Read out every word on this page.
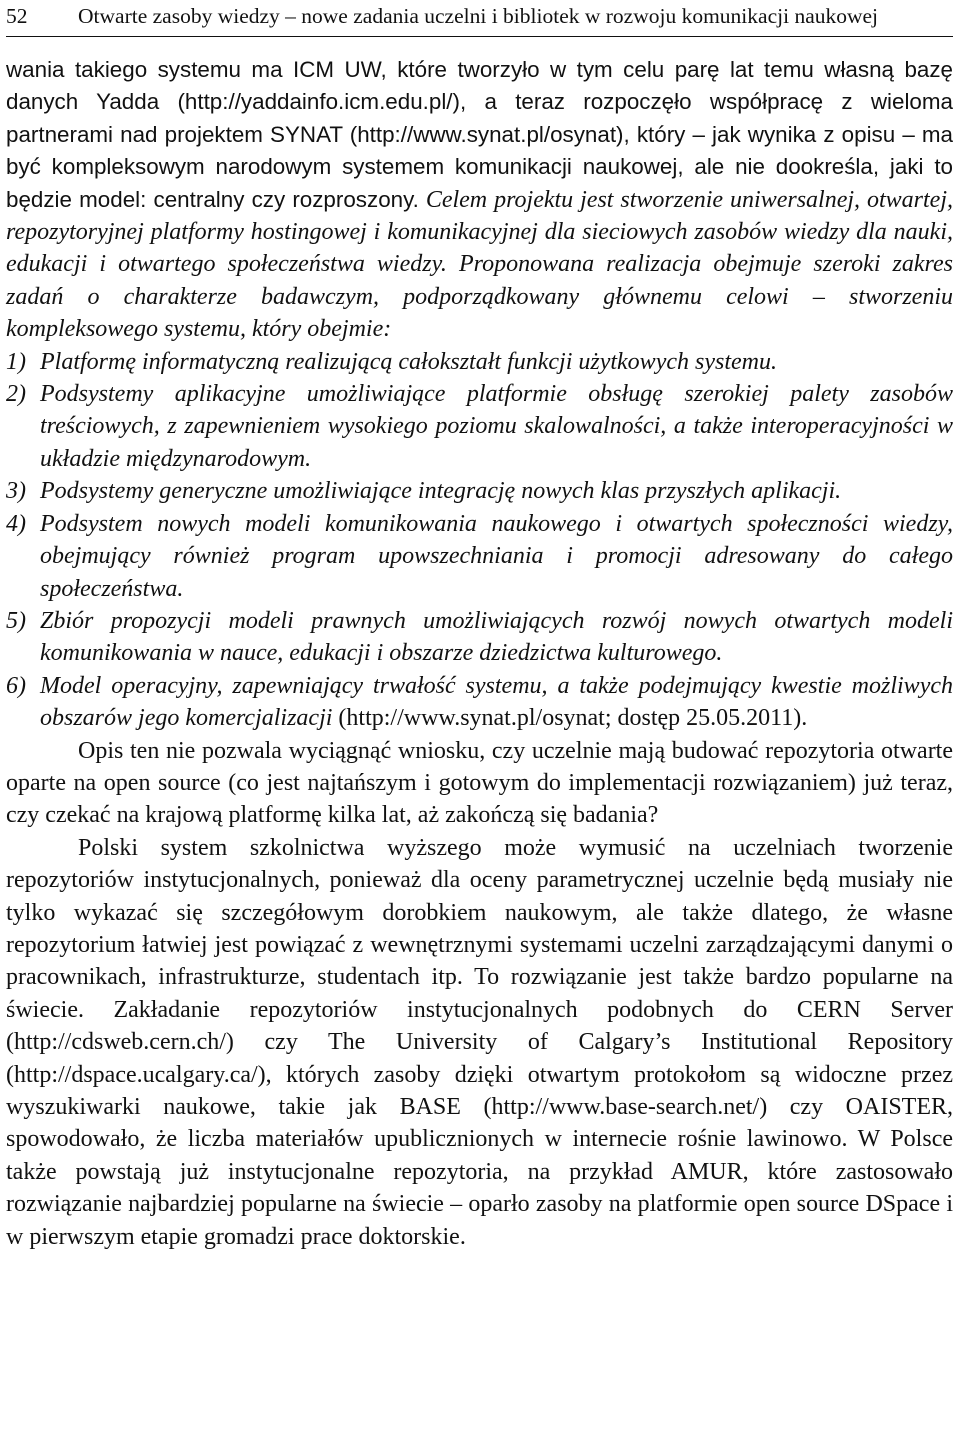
52 Otwarte zasoby wiedzy – nowe zadania uczelni i bibliotek w rozwoju komunikacji naukowej

wania takiego systemu ma ICM UW, które tworzyło w tym celu parę lat temu własną bazę danych Yadda (http://yaddainfo.icm.edu.pl/), a teraz rozpoczęło współpracę z wieloma partnerami nad projektem SYNAT (http://www.synat.pl/osynat), który – jak wynika z opisu – ma być kompleksowym narodowym systemem komunikacji naukowej, ale nie dookreśla, jaki to będzie model: centralny czy rozproszony. Celem projektu jest stworzenie uniwersalnej, otwartej, repozytoryjnej platformy hostingowej i komunikacyjnej dla sieciowych zasobów wiedzy dla nauki, edukacji i otwartego społeczeństwa wiedzy. Proponowana realizacja obejmuje szeroki zakres zadań o charakterze badawczym, podporządkowany głównemu celowi – stworzeniu kompleksowego systemu, który obejmie:

1) Platformę informatyczną realizującą całokształt funkcji użytkowych systemu.
2) Podsystemy aplikacyjne umożliwiające platformie obsługę szerokiej palety zasobów treściowych, z zapewnieniem wysokiego poziomu skalowalności, a także interoperacyjności w układzie międzynarodowym.
3) Podsystemy generyczne umożliwiające integrację nowych klas przyszłych aplikacji.
4) Podsystem nowych modeli komunikowania naukowego i otwartych społeczności wiedzy, obejmujący również program upowszechniania i promocji adresowany do całego społeczeństwa.
5) Zbiór propozycji modeli prawnych umożliwiających rozwój nowych otwartych modeli komunikowania w nauce, edukacji i obszarze dziedzictwa kulturowego.
6) Model operacyjny, zapewniający trwałość systemu, a także podejmujący kwestie możliwych obszarów jego komercjalizacji (http://www.synat.pl/osynat; dostęp 25.05.2011).

Opis ten nie pozwala wyciągnąć wniosku, czy uczelnie mają budować repozytoria otwarte oparte na open source (co jest najtańszym i gotowym do implementacji rozwiązaniem) już teraz, czy czekać na krajową platformę kilka lat, aż zakończą się badania?

Polski system szkolnictwa wyższego może wymusić na uczelniach tworzenie repozytoriów instytucjonalnych, ponieważ dla oceny parametrycznej uczelnie będą musiały nie tylko wykazać się szczegółowym dorobkiem naukowym, ale także dlatego, że własne repozytorium łatwiej jest powiązać z wewnętrznymi systemami uczelni zarządzającymi danymi o pracownikach, infrastrukturze, studentach itp. To rozwiązanie jest także bardzo popularne na świecie. Zakładanie repozytoriów instytucjonalnych podobnych do CERN Server (http://cdsweb.cern.ch/) czy The University of Calgary’s Institutional Repository (http://dspace.ucalgary.ca/), których zasoby dzięki otwartym protokołom są widoczne przez wyszukiwarki naukowe, takie jak BASE (http://www.base-search.net/) czy OAISTER, spowodowało, że liczba materiałów upublicznionych w internecie rośnie lawinowo. W Polsce także powstają już instytucjonalne repozytoria, na przykład AMUR, które zastosowało rozwiązanie najbardziej popularne na świecie – oparło zasoby na platformie open source DSpace i w pierwszym etapie gromadzi prace doktorskie.
